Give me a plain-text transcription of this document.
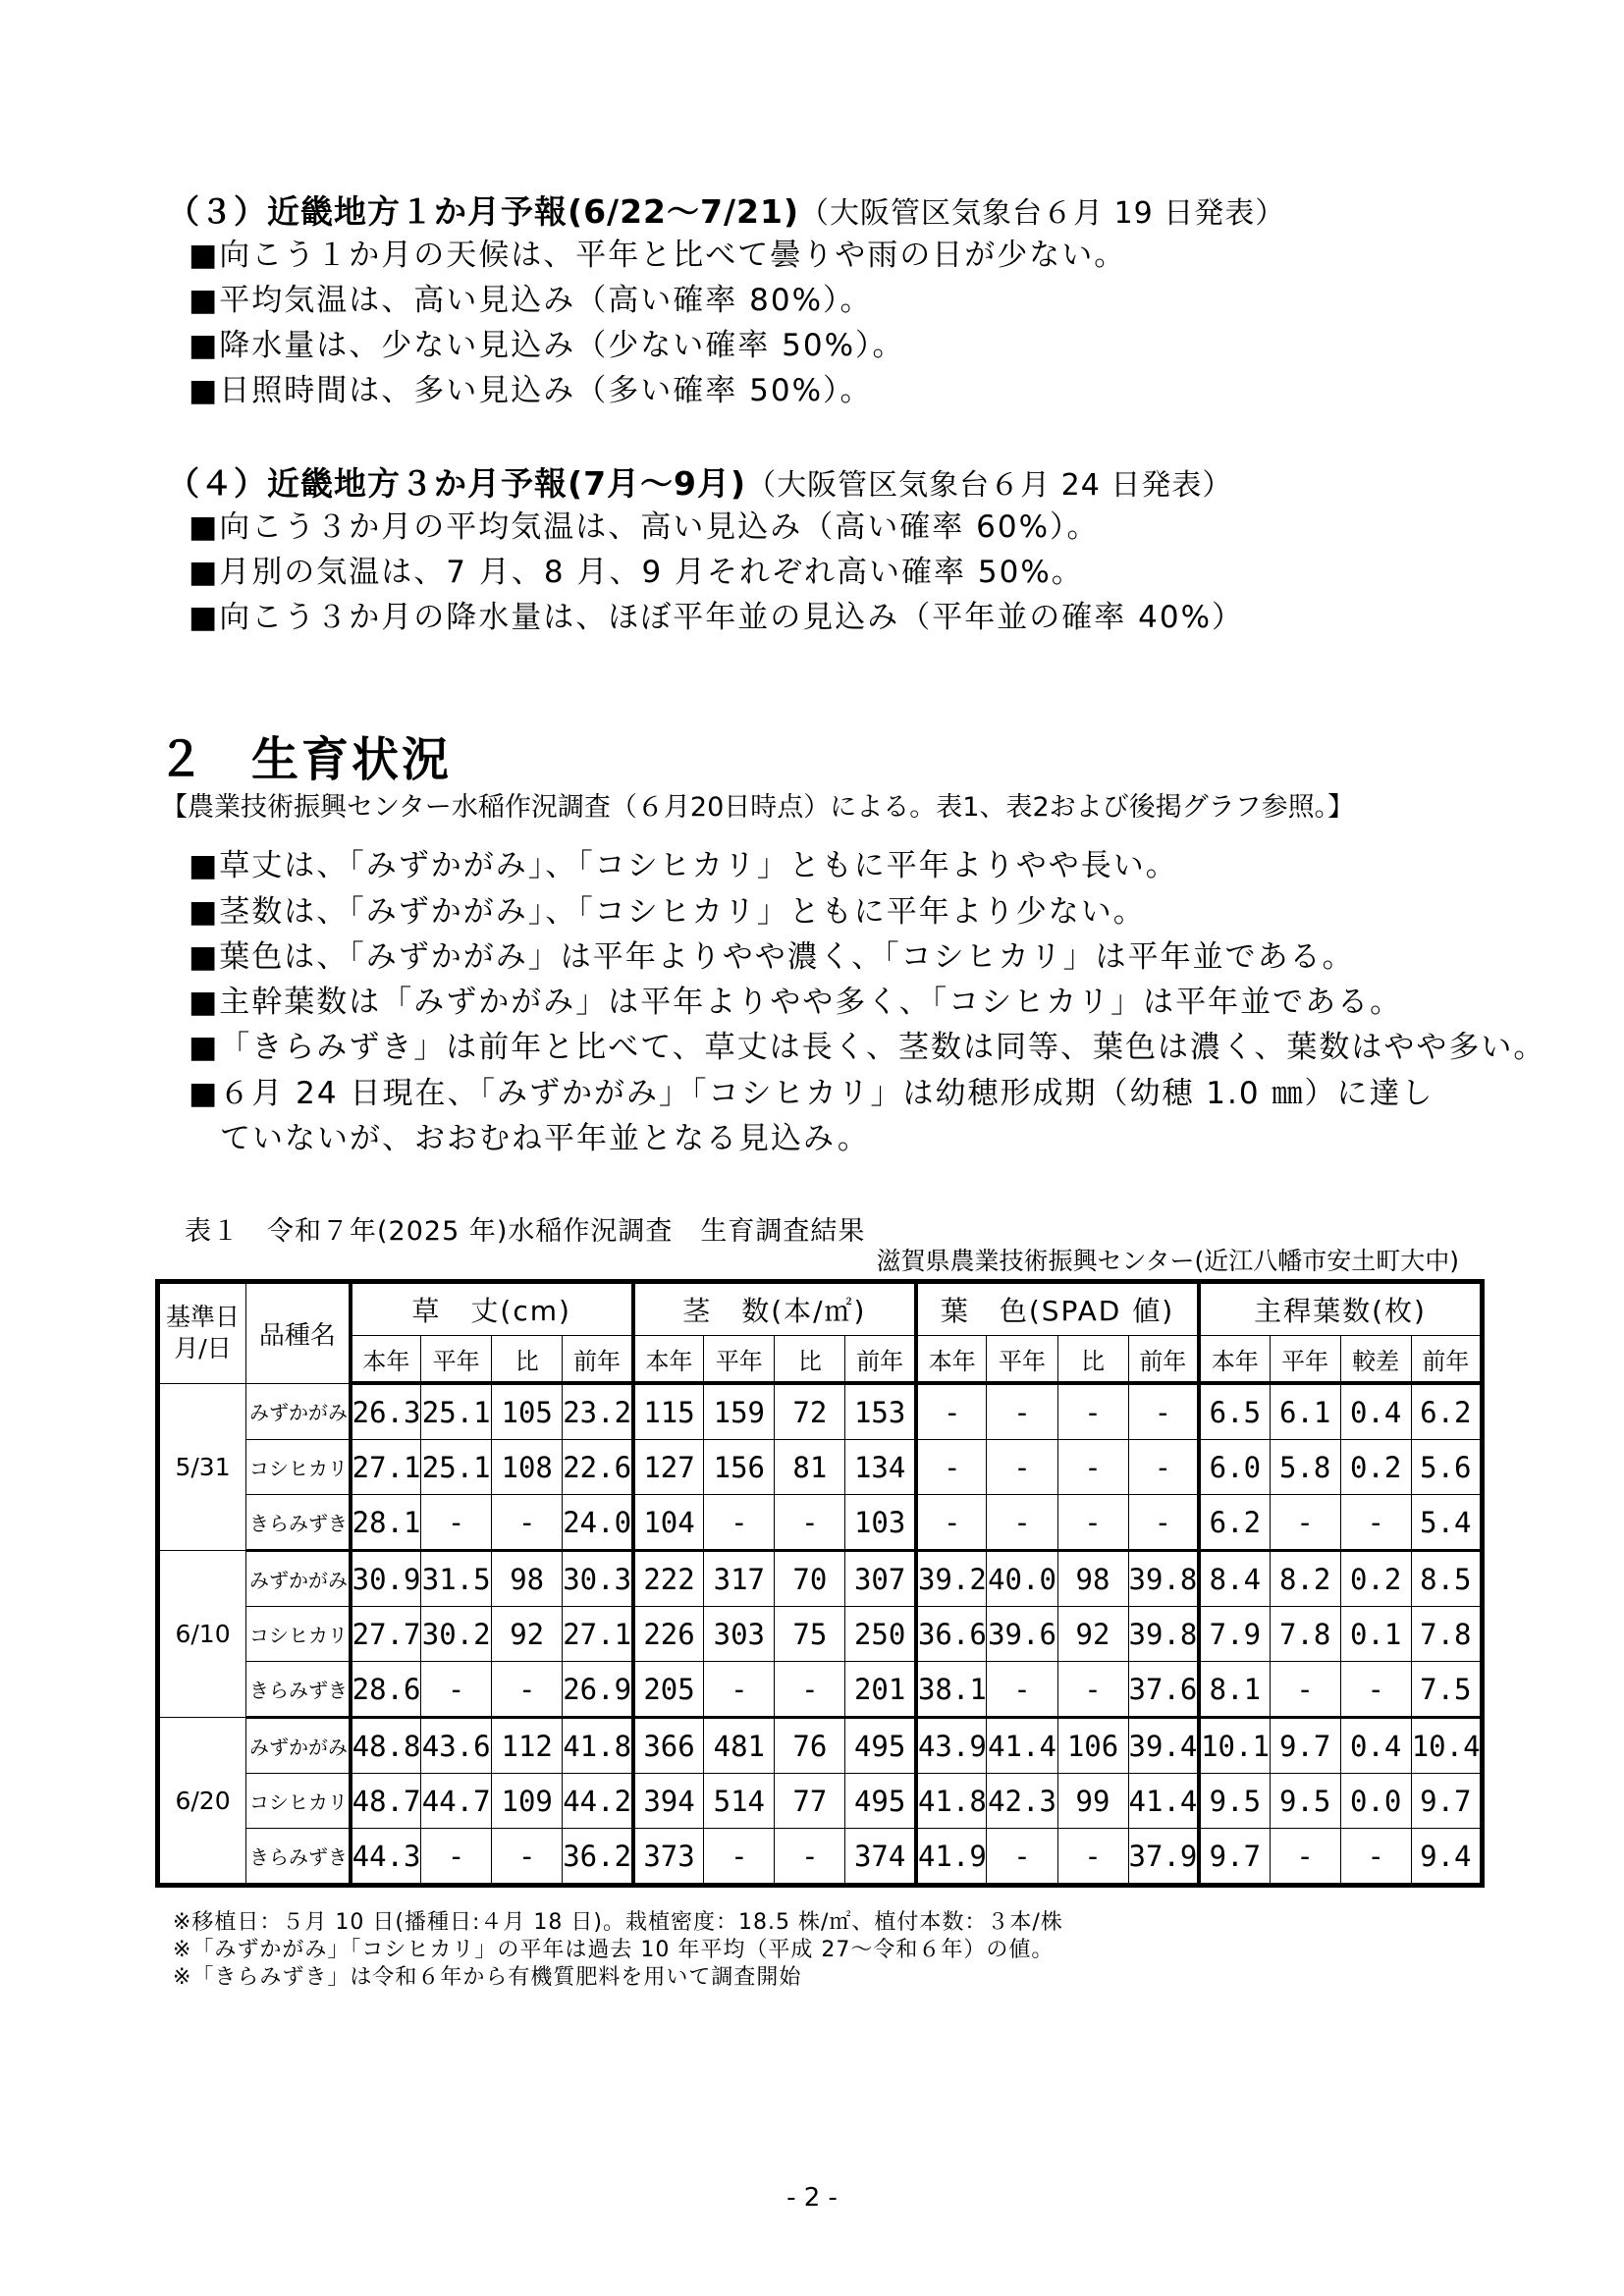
（３）近畿地方１か月予報(6/22～7/21)（大阪管区気象台６月 19 日発表）
■向こう１か月の天候は、平年と比べて曇りや雨の日が少ない。
■平均気温は、高い見込み（高い確率 80%）。
■降水量は、少ない見込み（少ない確率 50%）。
■日照時間は、多い見込み（多い確率 50%）。
（４）近畿地方３か月予報(7月～9月)（大阪管区気象台６月 24 日発表）
■向こう３か月の平均気温は、高い見込み（高い確率 60%）。
■月別の気温は、7 月、8 月、9 月それぞれ高い確率 50%。
■向こう３か月の降水量は、ほぼ平年並の見込み（平年並の確率 40%）
２ 生育状況
【農業技術振興センター水稲作況調査（６月20日時点）による。表1、表2および後掲グラフ参照。】
■草丈は、「みずかがみ」、「コシヒカリ」ともに平年よりやや長い。
■茎数は、「みずかがみ」、「コシヒカリ」ともに平年より少ない。
■葉色は、「みずかがみ」は平年よりやや濃く、「コシヒカリ」は平年並である。
■主幹葉数は「みずかがみ」は平年よりやや多く、「コシヒカリ」は平年並である。
■「きらみずき」は前年と比べて、草丈は長く、茎数は同等、葉色は濃く、葉数はやや多い。
■６月 24 日現在、「みずかがみ」「コシヒカリ」は幼穂形成期（幼穂 1.0 ㎜）に達し
ていないが、おおむね平年並となる見込み。
表１　令和７年(2025 年)水稲作況調査　生育調査結果
滋賀県農業技術振興センター(近江八幡市安土町大中)
基準日
月/日	品種名	草　丈(cm)				茎　数(本/㎡)				葉　色(SPAD 値)				主稈葉数(枚)			
		本年	平年	比	前年	本年	平年	比	前年	本年	平年	比	前年	本年	平年	較差	前年
5/31	みずかがみ	26.3	25.1	105	23.2	115	159	72	153	-	-	-	-	6.5	6.1	0.4	6.2
	コシヒカリ	27.1	25.1	108	22.6	127	156	81	134	-	-	-	-	6.0	5.8	0.2	5.6
	きらみずき	28.1	-	-	24.0	104	-	-	103	-	-	-	-	6.2	-	-	5.4
6/10	みずかがみ	30.9	31.5	98	30.3	222	317	70	307	39.2	40.0	98	39.8	8.4	8.2	0.2	8.5
	コシヒカリ	27.7	30.2	92	27.1	226	303	75	250	36.6	39.6	92	39.8	7.9	7.8	0.1	7.8
	きらみずき	28.6	-	-	26.9	205	-	-	201	38.1	-	-	37.6	8.1	-	-	7.5
6/20	みずかがみ	48.8	43.6	112	41.8	366	481	76	495	43.9	41.4	106	39.4	10.1	9.7	0.4	10.4
	コシヒカリ	48.7	44.7	109	44.2	394	514	77	495	41.8	42.3	99	41.4	9.5	9.5	0.0	9.7
	きらみずき	44.3	-	-	36.2	373	-	-	374	41.9	-	-	37.9	9.7	-	-	9.4
※移植日：５月 10 日(播種日:４月 18 日)。栽植密度：18.5 株/㎡、植付本数：３本/株
※「みずかがみ」「コシヒカリ」の平年は過去 10 年平均（平成 27～令和６年）の値。
※「きらみずき」は令和６年から有機質肥料を用いて調査開始
- 2 -
